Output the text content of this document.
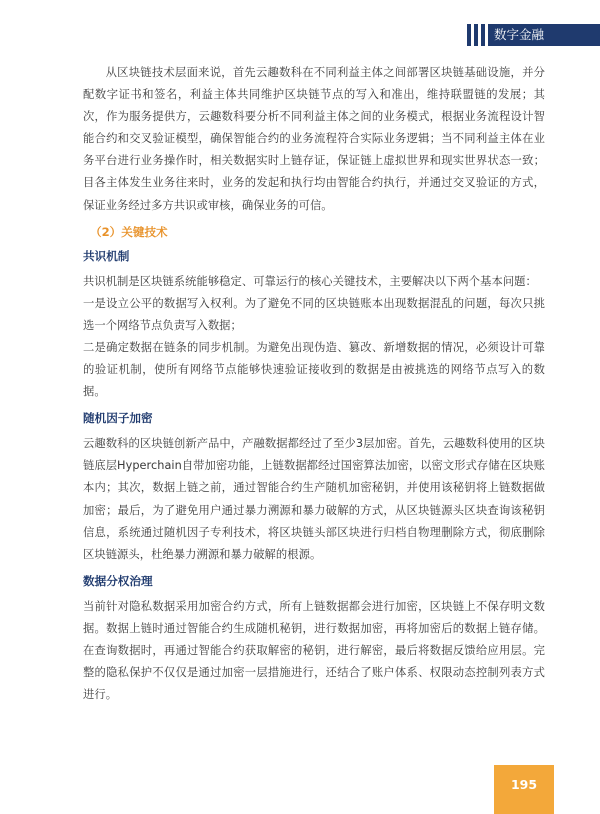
数字金融

从区块链技术层面来说，首先云趣数科在不同利益主体之间部署区块链基础设施，并分配数字证书和签名，利益主体共同维护区块链节点的写入和准出，维持联盟链的发展；其次，作为服务提供方，云趣数科要分析不同利益主体之间的业务模式，根据业务流程设计智能合约和交叉验证模型，确保智能合约的业务流程符合实际业务逻辑；当不同利益主体在业务平台进行业务操作时，相关数据实时上链存证，保证链上虚拟世界和现实世界状态一致；目各主体发生业务往来时，业务的发起和执行均由智能合约执行，并通过交叉验证的方式，保证业务经过多方共识或审核，确保业务的可信。

（2）关键技术
共识机制

共识机制是区块链系统能够稳定、可靠运行的核心关键技术，主要解决以下两个基本问题：

一是设立公平的数据写入权利。为了避免不同的区块链账本出现数据混乱的问题，每次只挑选一个网络节点负责写入数据；

二是确定数据在链条的同步机制。为避免出现伪造、篡改、新增数据的情况，必须设计可靠的验证机制，使所有网络节点能够快速验证接收到的数据是由被挑选的网络节点写入的数据。

随机因子加密

云趣数科的区块链创新产品中，产融数据都经过了至少3层加密。首先，云趣数科使用的区块链底层Hyperchain自带加密功能，上链数据都经过国密算法加密，以密文形式存储在区块账本内；其次，数据上链之前，通过智能合约生产随机加密秘钥，并使用该秘钥将上链数据做加密；最后，为了避免用户通过暴力溯源和暴力破解的方式，从区块链源头区块查询该秘钥信息，系统通过随机因子专利技术，将区块链头部区块进行归档自物理删除方式，彻底删除区块链源头，杜绝暴力溯源和暴力破解的根源。

数据分权治理

当前针对隐私数据采用加密合约方式，所有上链数据都会进行加密，区块链上不保存明文数据。数据上链时通过智能合约生成随机秘钥，进行数据加密，再将加密后的数据上链存储。在查询数据时，再通过智能合约获取解密的秘钥，进行解密，最后将数据反馈给应用层。完整的隐私保护不仅仅是通过加密一层措施进行，还结合了账户体系、权限动态控制列表方式进行。

195
